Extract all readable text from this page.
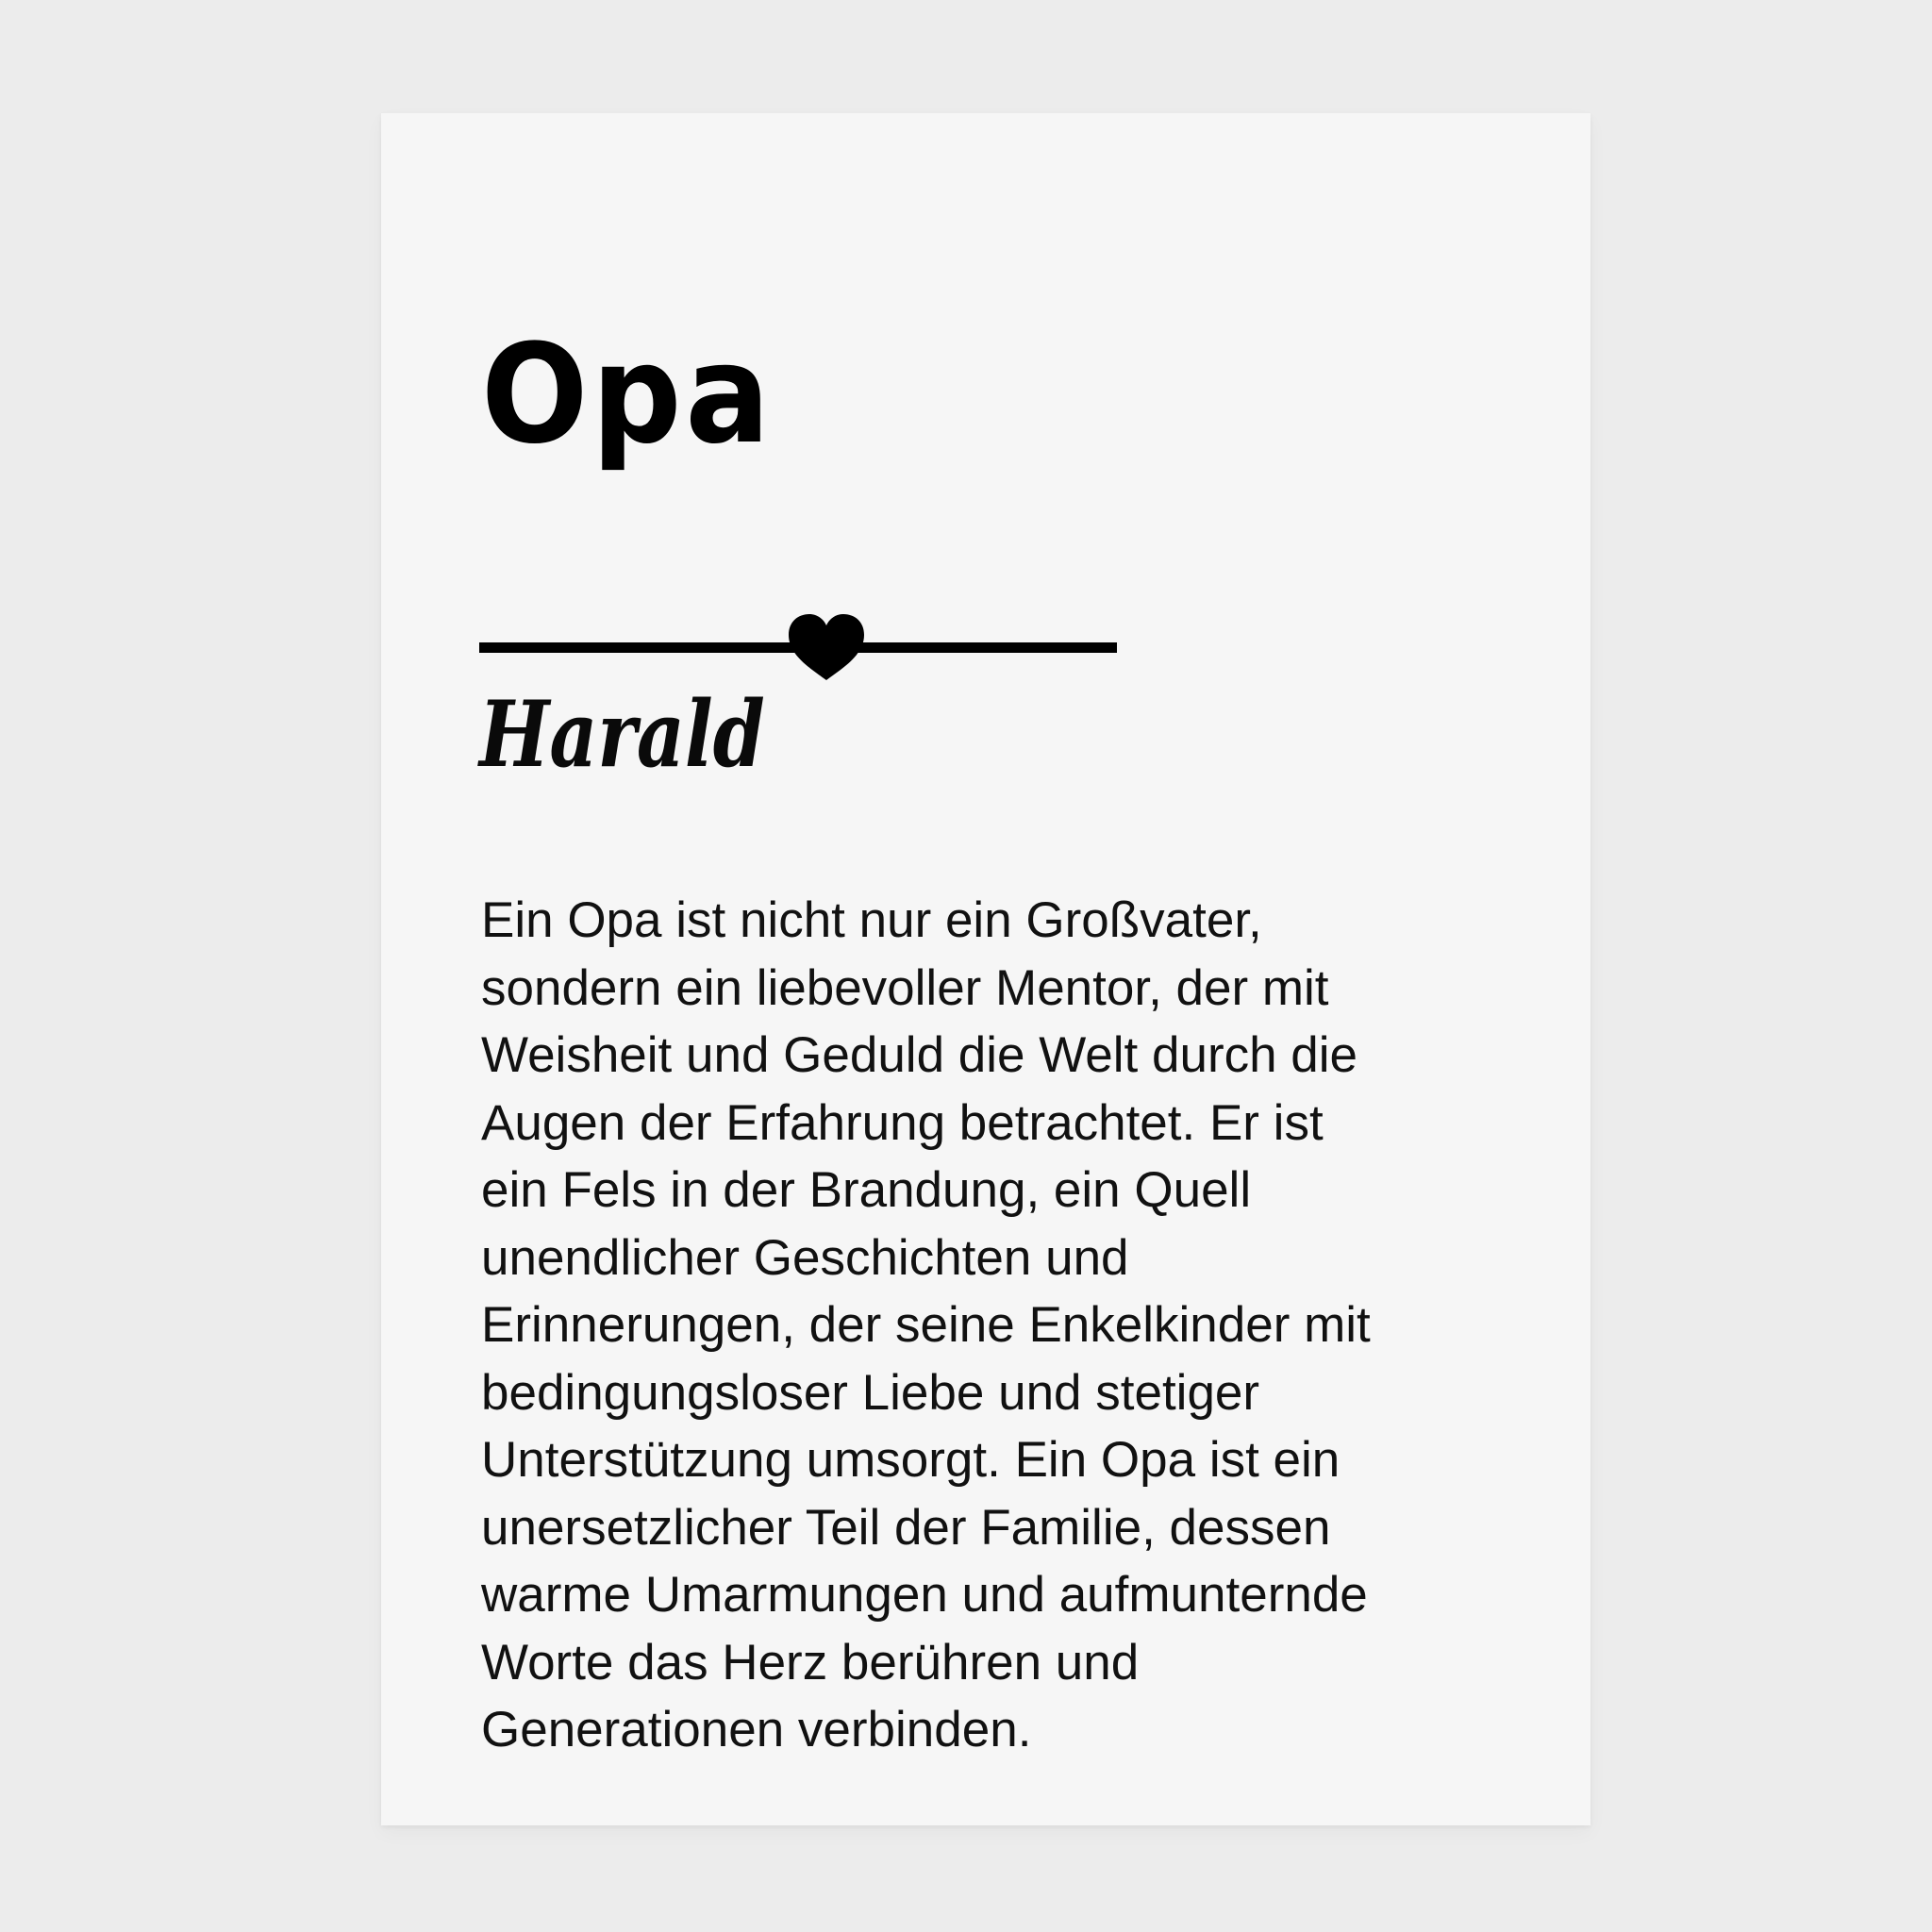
Opa
Harald

Ein Opa ist nicht nur ein Großvater,
sondern ein liebevoller Mentor, der mit
Weisheit und Geduld die Welt durch die
Augen der Erfahrung betrachtet. Er ist
ein Fels in der Brandung, ein Quell
unendlicher Geschichten und
Erinnerungen, der seine Enkelkinder mit
bedingungsloser Liebe und stetiger
Unterstützung umsorgt. Ein Opa ist ein
unersetzlicher Teil der Familie, dessen
warme Umarmungen und aufmunternde
Worte das Herz berühren und
Generationen verbinden.
